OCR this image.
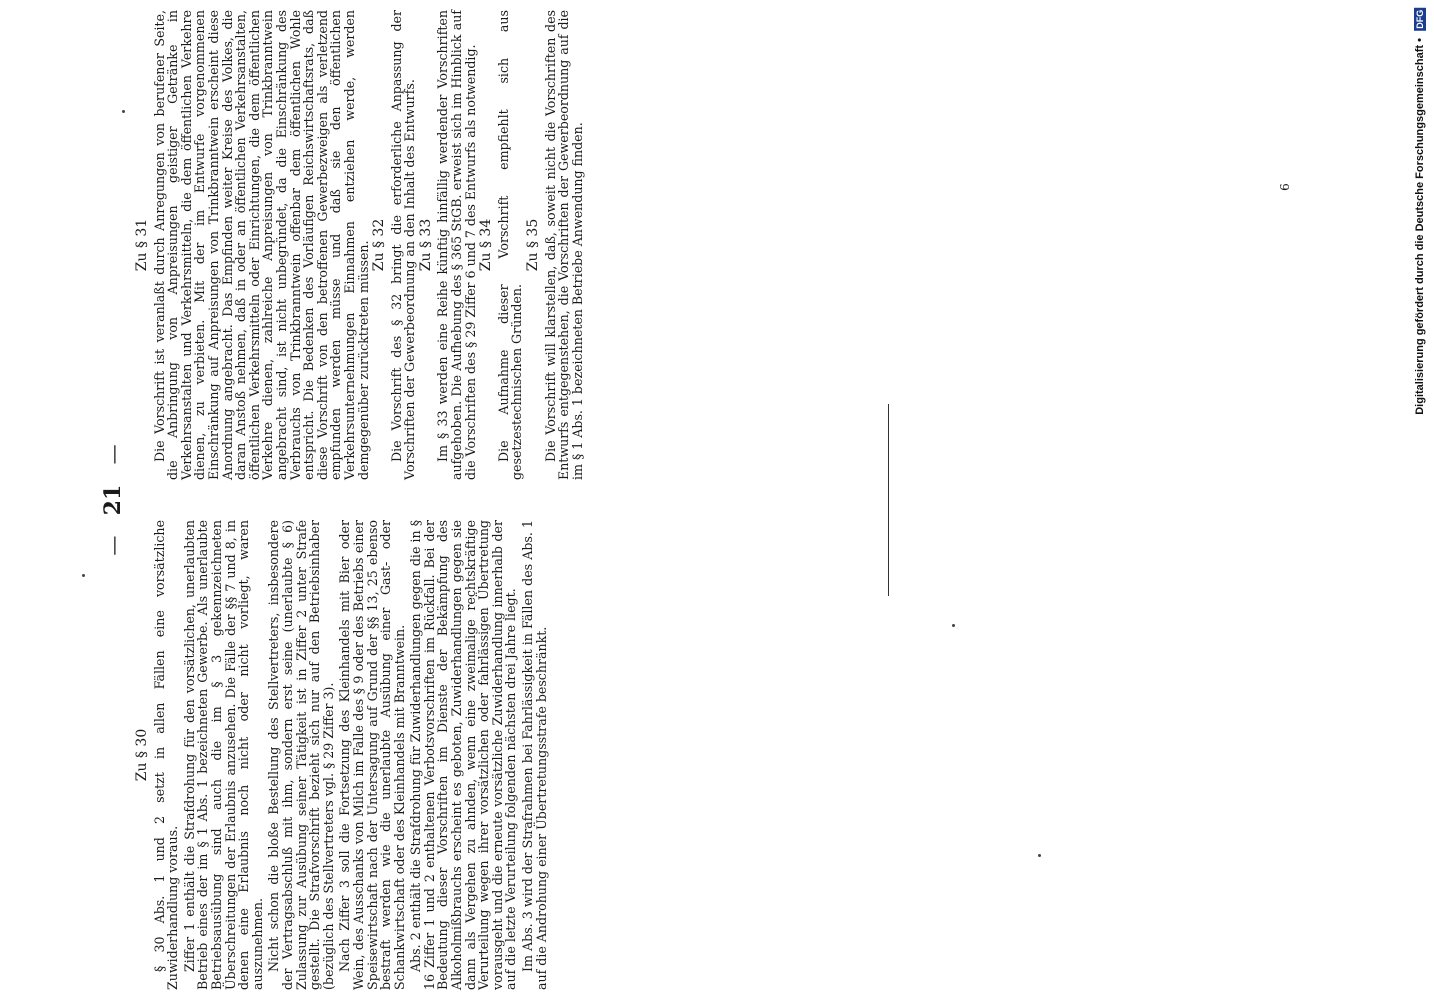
— 21 —
Zu § 30 § 30 Abs. 1 und 2 setzt in allen Fällen eine vorsätzliche Zuwiderhandlung voraus. Ziffer 1 enthält die Strafdrohung für den vorsätzlichen, unerlaubten Betrieb eines der im § 1 Abs. 1 bezeichneten Gewerbe. Als unerlaubte Betriebsausübung sind auch die im § 3 gekennzeichneten Überschreitungen der Erlaubnis anzusehen. Die Fälle der §§ 7 und 8, in denen eine Erlaubnis noch nicht oder nicht vorliegt, waren auszunehmen. Nicht schon die bloße Bestellung des Stellvertreters, insbesondere der Vertragsabschluß mit ihm, sondern erst seine (unerlaubte § 6) Zulassung zur Ausübung seiner Tätigkeit ist in Ziffer 2 unter Strafe gestellt. Die Strafvorschrift bezieht sich nur auf den Betriebsinhaber (bezüglich des Stellvertreters vgl. § 29 Ziffer 3). Nach Ziffer 3 soll die Fortsetzung des Kleinhandels mit Bier oder Wein, des Ausschanks von Milch im Falle des § 9 oder des Betriebs einer Speisewirtschaft nach der Untersagung auf Grund der §§ 13, 25 ebenso bestraft werden wie die unerlaubte Ausübung einer Gast- oder Schankwirtschaft oder des Kleinhandels mit Branntwein. Abs. 2 enthält die Strafdrohung für Zuwiderhandlungen gegen die in § 16 Ziffer 1 und 2 enthaltenen Verbotsvorschriften im Rückfall. Bei der Bedeutung dieser Vorschriften im Dienste der Bekämpfung des Alkoholmißbrauchs erscheint es geboten, Zuwiderhandlungen gegen sie dann als Vergehen zu ahnden, wenn eine zweimalige rechtskräftige Verurteilung wegen ihrer vorsätzlichen oder fahrlässigen Übertretung vorausgeht und die erneute vorsätzliche Zuwiderhandlung innerhalb der auf die letzte Verurteilung folgenden nächsten drei Jahre liegt. Im Abs. 3 wird der Strafrahmen bei Fahrlässigkeit in Fällen des Abs. 1 auf die Androhung einer Übertretungsstrafe beschränkt.

Zu § 31 Die Vorschrift ist veranlaßt durch Anregungen von berufener Seite, die Anbringung von Anpreisungen geistiger Getränke in Verkehrsanstalten und Verkehrsmitteln, die dem öffentlichen Verkehre dienen, zu verbieten. Mit der im Entwurfe vorgenommenen Einschränkung auf Anpreisungen von Trinkbranntwein erscheint diese Anordnung angebracht. Das Empfinden weiter Kreise des Volkes, die daran Anstoß nehmen, daß in oder an öffentlichen Verkehrsanstalten, öffentlichen Verkehrsmitteln oder Einrichtungen, die dem öffentlichen Verkehre dienen, zahlreiche Anpreisungen von Trinkbranntwein angebracht sind, ist nicht unbegründet, da die Einschränkung des Verbrauchs von Trinkbranntwein offenbar dem öffentlichen Wohle entspricht. Die Bedenken des Vorläufigen Reichswirtschaftsrats, daß diese Vorschrift von den betroffenen Gewerbezweigen als verletzend empfunden werden müsse und daß sie den öffentlichen Verkehrsunternehmungen Einnahmen entziehen werde, werden demgegenüber zurücktreten müssen. Zu § 32 Die Vorschrift des § 32 bringt die erforderliche Anpassung der Vorschriften der Gewerbeordnung an den Inhalt des Entwurfs. Zu § 33 Im § 33 werden eine Reihe künftig hinfällig werdender Vorschriften aufgehoben. Die Aufhebung des § 365 StGB. erweist sich im Hinblick auf die Vorschriften des § 29 Ziffer 6 und 7 des Entwurfs als notwendig. Zu § 34 Die Aufnahme dieser Vorschrift empfiehlt sich aus gesetzestechnischen Gründen.

Zu § 35 Die Vorschrift will klarstellen, daß, soweit nicht die Vorschriften des Entwurfs entgegenstehen, die Vorschriften der Gewerbeordnung auf die im § 1 Abs. 1 bezeichneten Betriebe Anwendung finden.	6	Digitalisierung gefördert durch die Deutsche Forschungsgemeinschaft • DFG
